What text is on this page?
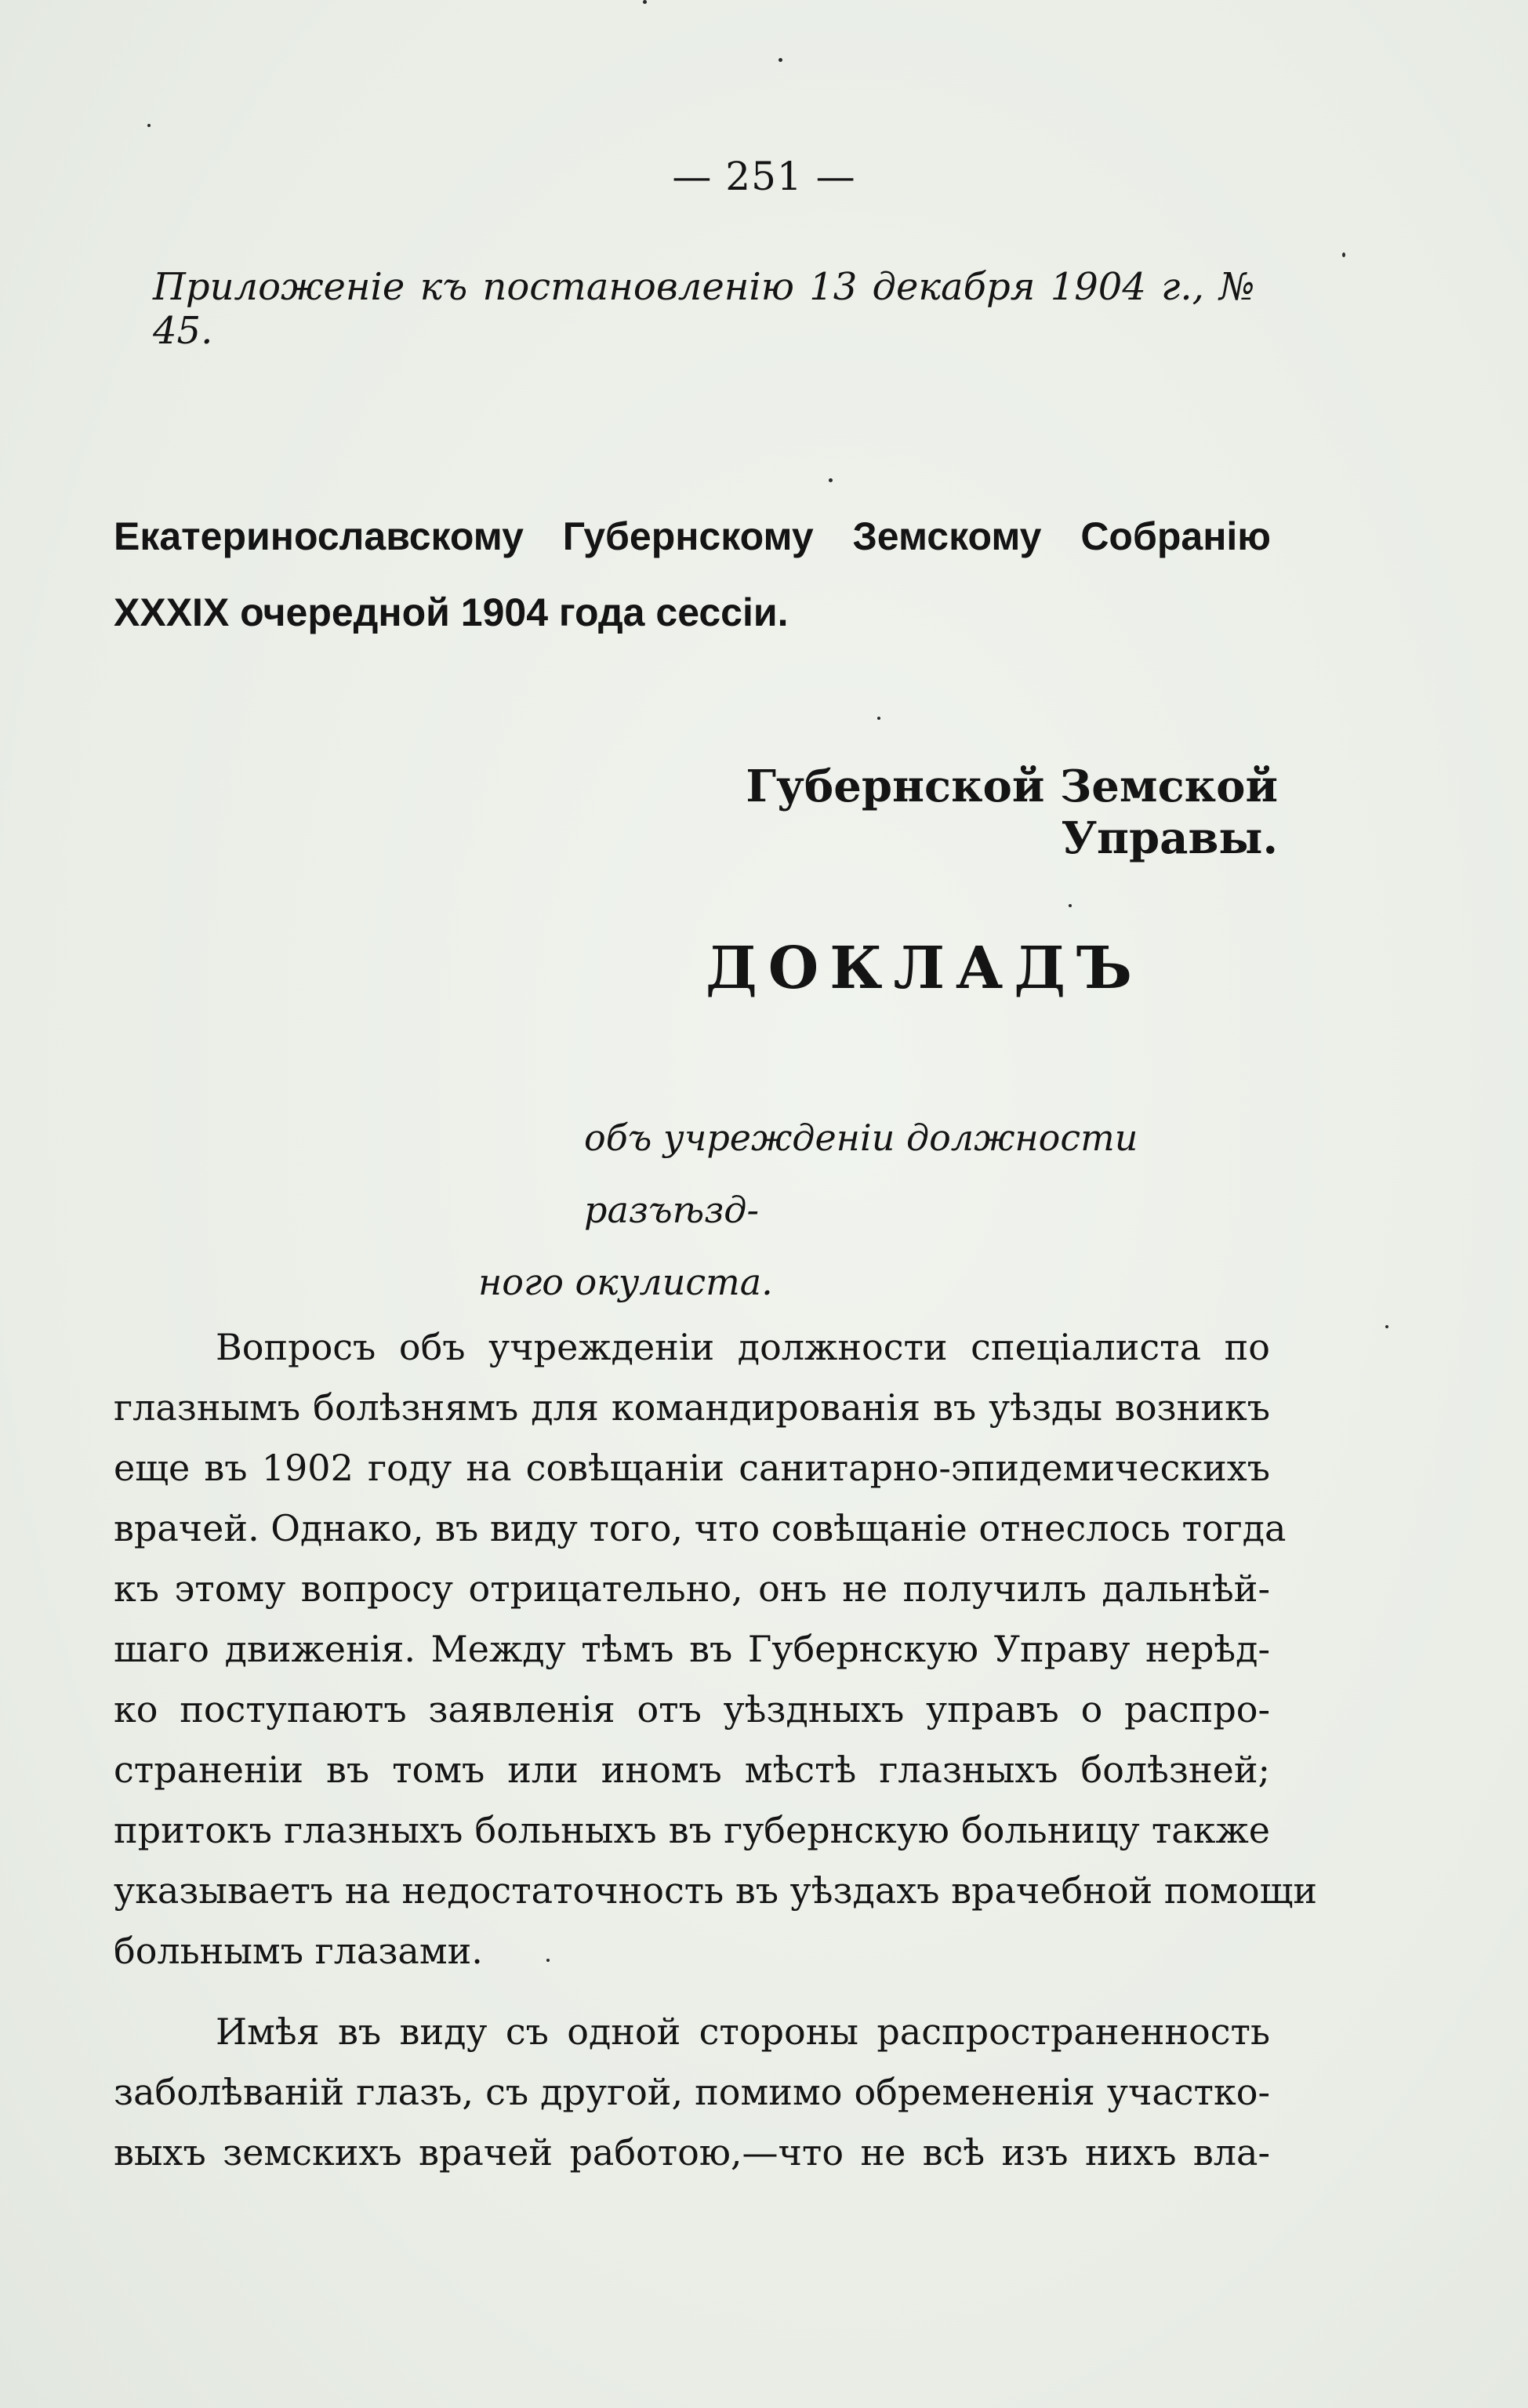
— 251 —
Приложеніе къ постановленію 13 декабря 1904 г., № 45.
Екатеринославскому Губернскому Земскому Собранію
XXXIX очередной 1904 года сессіи.
Губернской Земской Управы.
ДОКЛАДЪ
объ учрежденіи должности разъѣзд-
ного окулиста.
Вопросъ объ учрежденіи должности спеціалиста по
глазнымъ болѣзнямъ для командированія въ уѣзды возникъ
еще въ 1902 году на совѣщаніи санитарно-эпидемическихъ
врачей. Однако, въ виду того, что совѣщаніе отнеслось тогда
къ этому вопросу отрицательно, онъ не получилъ дальнѣй-
шаго движенія. Между тѣмъ въ Губернскую Управу нерѣд-
ко поступаютъ заявленія отъ уѣздныхъ управъ о распро-
страненіи въ томъ или иномъ мѣстѣ глазныхъ болѣзней;
притокъ глазныхъ больныхъ въ губернскую больницу также
указываетъ на недостаточность въ уѣздахъ врачебной помощи
больнымъ глазами.
Имѣя въ виду съ одной стороны распространенность
заболѣваній глазъ, съ другой, помимо обремененія участко-
выхъ земскихъ врачей работою,—что не всѣ изъ нихъ вла-
